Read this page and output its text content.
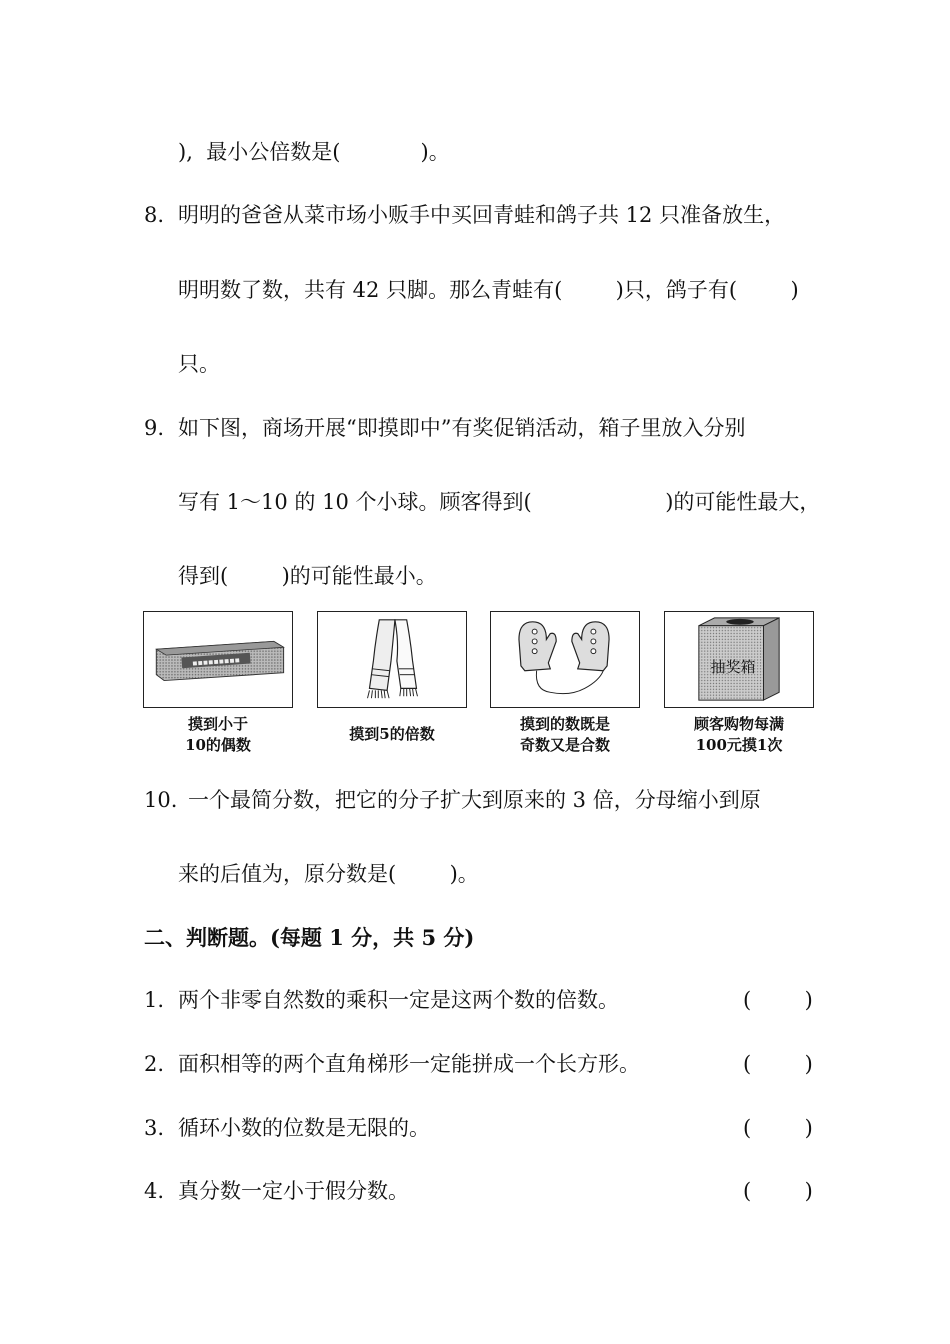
),  最小公倍数是(            )。
8. 明明的爸爸从菜市场小贩手中买回青蛙和鸽子共 12 只准备放生，
明明数了数，共有 42 只脚。那么青蛙有(        )只，鸽子有(        )
只。
9. 如下图，商场开展“即摸即中”有奖促销活动，箱子里放入分别
写有 1～10 的 10 个小球。顾客得到(                    )的可能性最大，
得到(        )的可能性最小。
▪▪▪▪▪▪▪▪▪	抽奖箱
摸到小于
10的偶数
摸到5的倍数
摸到的数既是
奇数又是合数
顾客购物每满
100元摸1次
10. 一个最简分数，把它的分子扩大到原来的 3 倍，分母缩小到原
来的后值为，原分数是(        )。
二、判断题。(每题 1 分，共 5 分)
1. 两个非零自然数的乘积一定是这两个数的倍数。	(        )
2. 面积相等的两个直角梯形一定能拼成一个长方形。	(        )
3. 循环小数的位数是无限的。	(        )
4. 真分数一定小于假分数。	(        )
